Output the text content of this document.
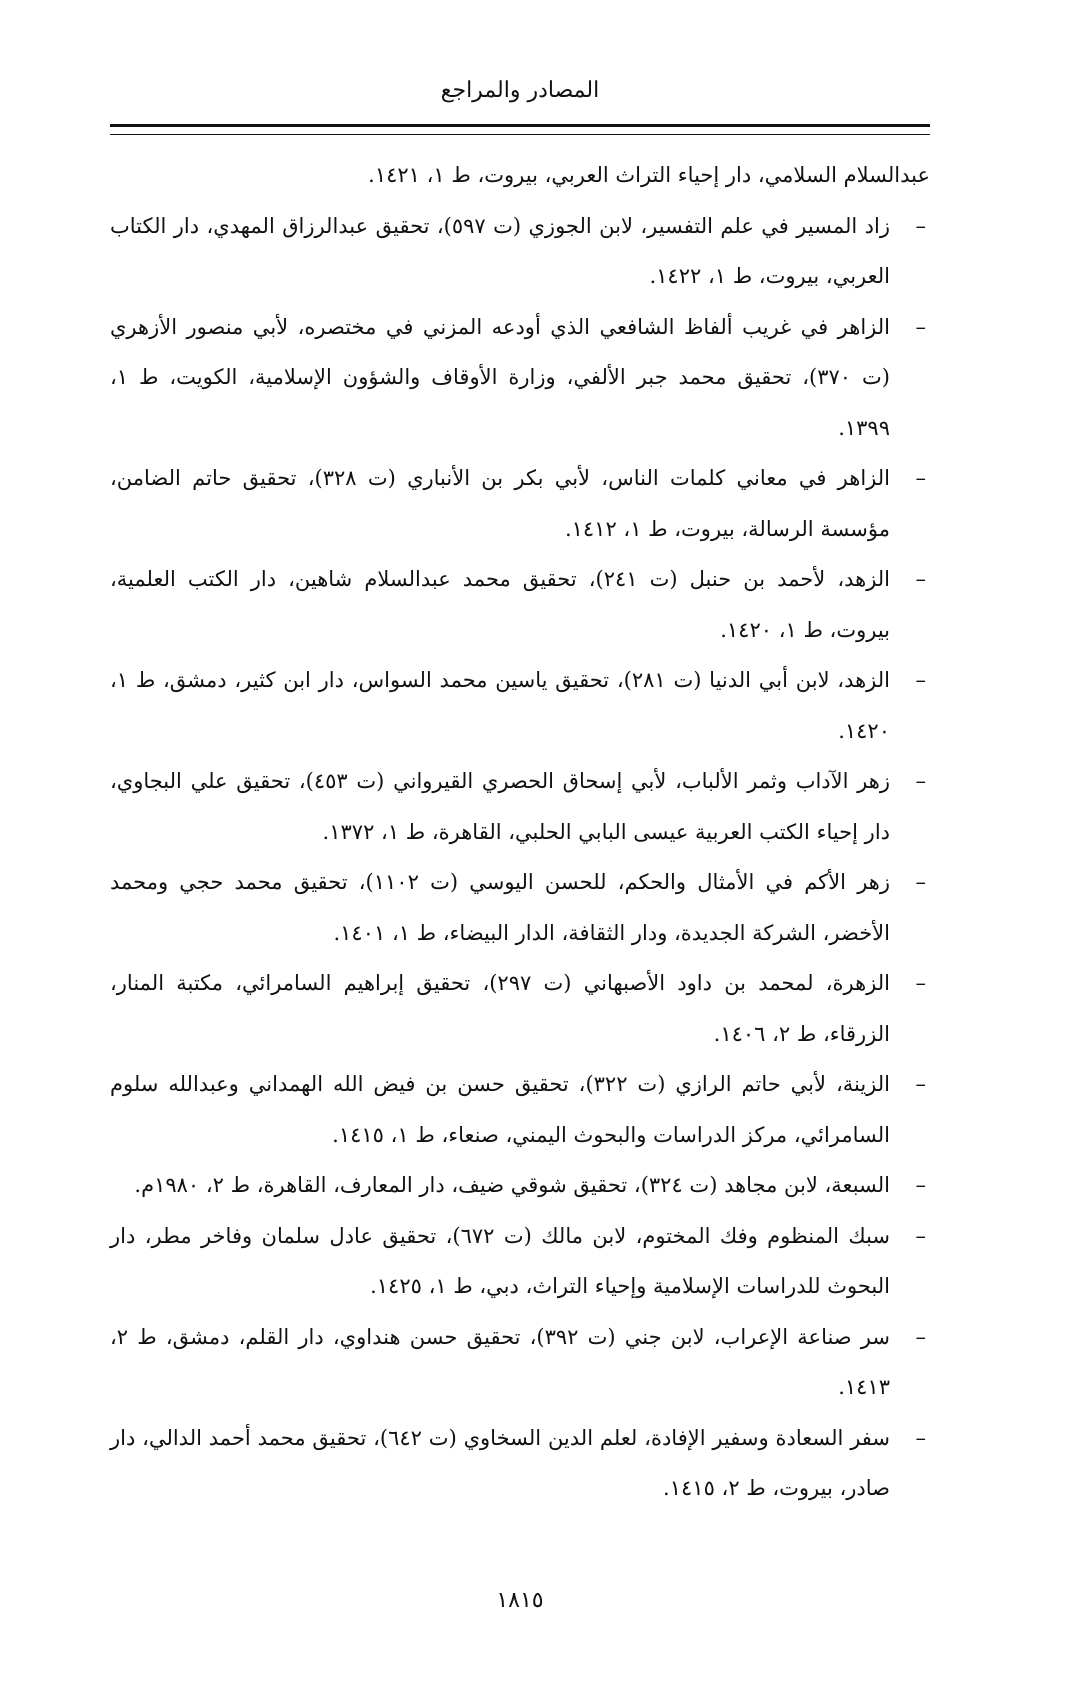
المصادر والمراجع

عبدالسلام السلامي، دار إحياء التراث العربي، بيروت، ط ١، ١٤٢١.

–
زاد المسير في علم التفسير، لابن الجوزي (ت ٥٩٧)، تحقيق عبدالرزاق المهدي، دار الكتاب العربي، بيروت، ط ١، ١٤٢٢.
–
الزاهر في غريب ألفاظ الشافعي الذي أودعه المزني في مختصره، لأبي منصور الأزهري (ت ٣٧٠)، تحقيق محمد جبر الألفي، وزارة الأوقاف والشؤون الإسلامية، الكويت، ط ١، ١٣٩٩.
–
الزاهر في معاني كلمات الناس، لأبي بكر بن الأنباري (ت ٣٢٨)، تحقيق حاتم الضامن، مؤسسة الرسالة، بيروت، ط ١، ١٤١٢.
–
الزهد، لأحمد بن حنبل (ت ٢٤١)، تحقيق محمد عبدالسلام شاهين، دار الكتب العلمية، بيروت، ط ١، ١٤٢٠.
–
الزهد، لابن أبي الدنيا (ت ٢٨١)، تحقيق ياسين محمد السواس، دار ابن كثير، دمشق، ط ١، ١٤٢٠.
–
زهر الآداب وثمر الألباب، لأبي إسحاق الحصري القيرواني (ت ٤٥٣)، تحقيق علي البجاوي، دار إحياء الكتب العربية عيسى البابي الحلبي، القاهرة، ط ١، ١٣٧٢.
–
زهر الأكم في الأمثال والحكم، للحسن اليوسي (ت ١١٠٢)، تحقيق محمد حجي ومحمد الأخضر، الشركة الجديدة، ودار الثقافة، الدار البيضاء، ط ١، ١٤٠١.
–
الزهرة، لمحمد بن داود الأصبهاني (ت ٢٩٧)، تحقيق إبراهيم السامرائي، مكتبة المنار، الزرقاء، ط ٢، ١٤٠٦.
–
الزينة، لأبي حاتم الرازي (ت ٣٢٢)، تحقيق حسن بن فيض الله الهمداني وعبدالله سلوم السامرائي، مركز الدراسات والبحوث اليمني، صنعاء، ط ١، ١٤١٥.
–
السبعة، لابن مجاهد (ت ٣٢٤)، تحقيق شوقي ضيف، دار المعارف، القاهرة، ط ٢، ١٩٨٠م.
–
سبك المنظوم وفك المختوم، لابن مالك (ت ٦٧٢)، تحقيق عادل سلمان وفاخر مطر، دار البحوث للدراسات الإسلامية وإحياء التراث، دبي، ط ١، ١٤٢٥.
–
سر صناعة الإعراب، لابن جني (ت ٣٩٢)، تحقيق حسن هنداوي، دار القلم، دمشق، ط ٢، ١٤١٣.
–
سفر السعادة وسفير الإفادة، لعلم الدين السخاوي (ت ٦٤٢)، تحقيق محمد أحمد الدالي، دار صادر، بيروت، ط ٢، ١٤١٥.
١٨١٥
